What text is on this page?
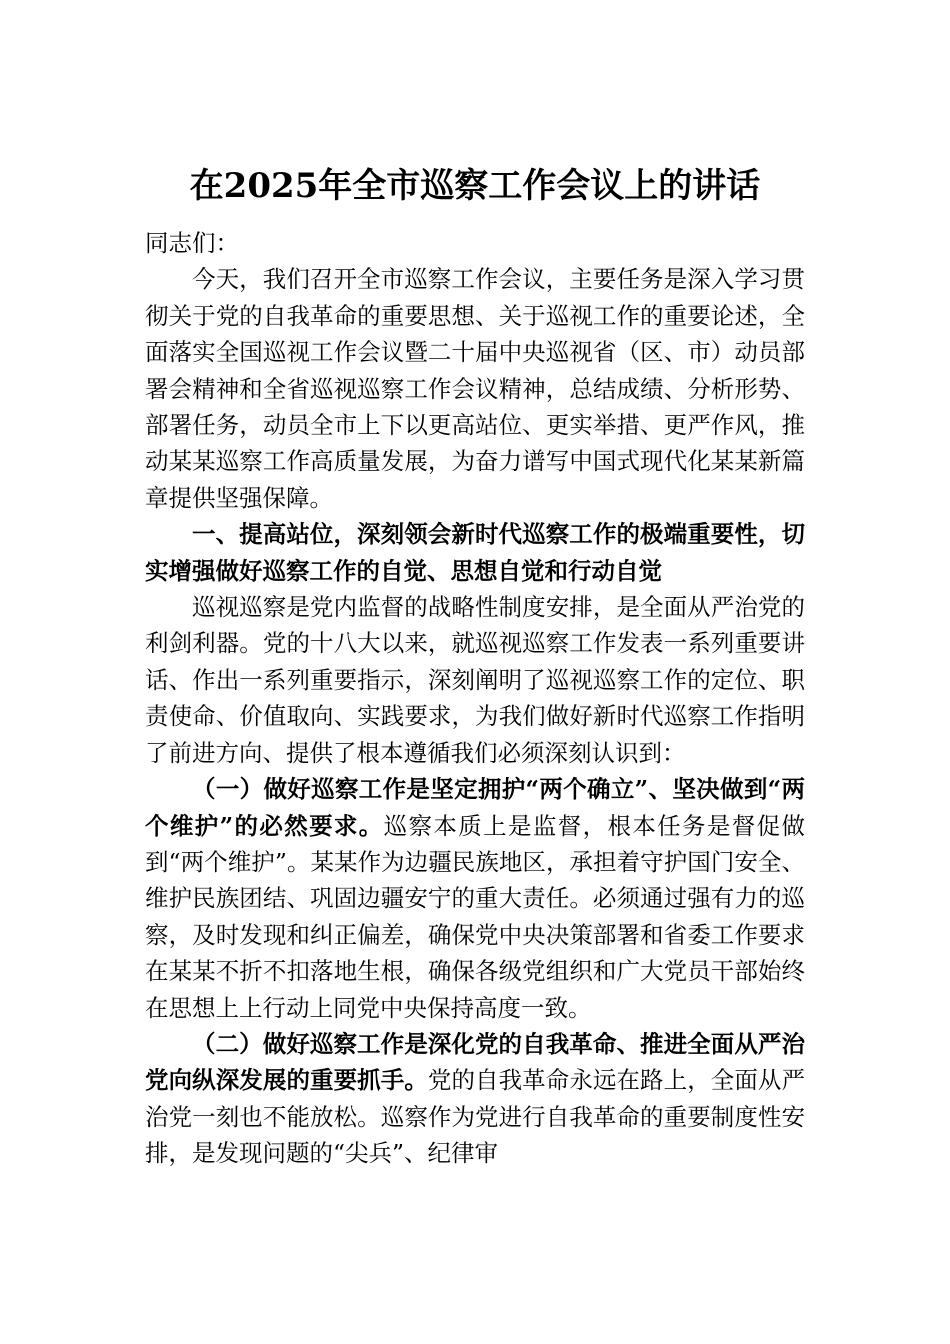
在2025年全市巡察工作会议上的讲话

同志们：

今天，我们召开全市巡察工作会议，主要任务是深入学习贯彻关于党的自我革命的重要思想、关于巡视工作的重要论述，全面落实全国巡视工作会议暨二十届中央巡视省（区、市）动员部署会精神和全省巡视巡察工作会议精神，总结成绩、分析形势、部署任务，动员全市上下以更高站位、更实举措、更严作风，推动某某巡察工作高质量发展，为奋力谱写中国式现代化某某新篇章提供坚强保障。

一、提高站位，深刻领会新时代巡察工作的极端重要性，切实增强做好巡察工作的自觉、思想自觉和行动自觉

巡视巡察是党内监督的战略性制度安排，是全面从严治党的利剑利器。党的十八大以来，就巡视巡察工作发表一系列重要讲话、作出一系列重要指示，深刻阐明了巡视巡察工作的定位、职责使命、价值取向、实践要求，为我们做好新时代巡察工作指明了前进方向、提供了根本遵循我们必须深刻认识到：

（一）做好巡察工作是坚定拥护“两个确立”、坚决做到“两个维护”的必然要求。巡察本质上是监督，根本任务是督促做到“两个维护”。某某作为边疆民族地区，承担着守护国门安全、维护民族团结、巩固边疆安宁的重大责任。必须通过强有力的巡察，及时发现和纠正偏差，确保党中央决策部署和省委工作要求在某某不折不扣落地生根，确保各级党组织和广大党员干部始终在思想上上行动上同党中央保持高度一致。

（二）做好巡察工作是深化党的自我革命、推进全面从严治党向纵深发展的重要抓手。党的自我革命永远在路上，全面从严治党一刻也不能放松。巡察作为党进行自我革命的重要制度性安排，是发现问题的“尖兵”、纪律审
